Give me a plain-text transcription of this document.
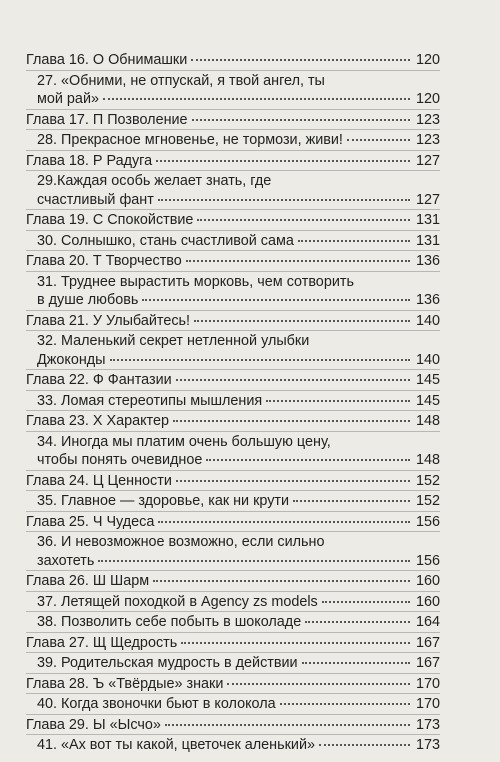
Глава 16. О Обнимашки	120
27. «Обними, не отпускай, я твой ангел, ты
мой рай»	120
Глава 17. П Позволение	123
28. Прекрасное мгновенье, не тормози, живи!	123
Глава 18. Р Радуга	127
29.Каждая особь желает знать, где
счастливый фант	127
Глава 19. С Спокойствие	131
30. Солнышко, стань счастливой сама	131
Глава 20. Т Творчество	136
31. Труднее вырастить морковь, чем сотворить
в душе любовь	136
Глава 21. У Улыбайтесь!	140
32. Маленький секрет нетленной улыбки
Джоконды	140
Глава 22. Ф Фантазии	145
33. Ломая стереотипы мышления	145
Глава 23. Х Характер	148
34. Иногда мы платим очень большую цену,
чтобы понять очевидное	148
Глава 24. Ц Ценности	152
35. Главное — здоровье, как ни крути	152
Глава 25. Ч Чудеса	156
36. И невозможное возможно, если сильно
захотеть	156
Глава 26. Ш Шарм	160
37. Летящей походкой в Agency zs models	160
38. Позволить себе побыть в шоколаде	164
Глава 27. Щ Щедрость	167
39. Родительская мудрость в действии	167
Глава 28. Ъ «Твёрдые» знаки	170
40. Когда звоночки бьют в колокола	170
Глава 29. Ы «Ысчо»	173
41. «Ах вот ты какой, цветочек аленький»	173
